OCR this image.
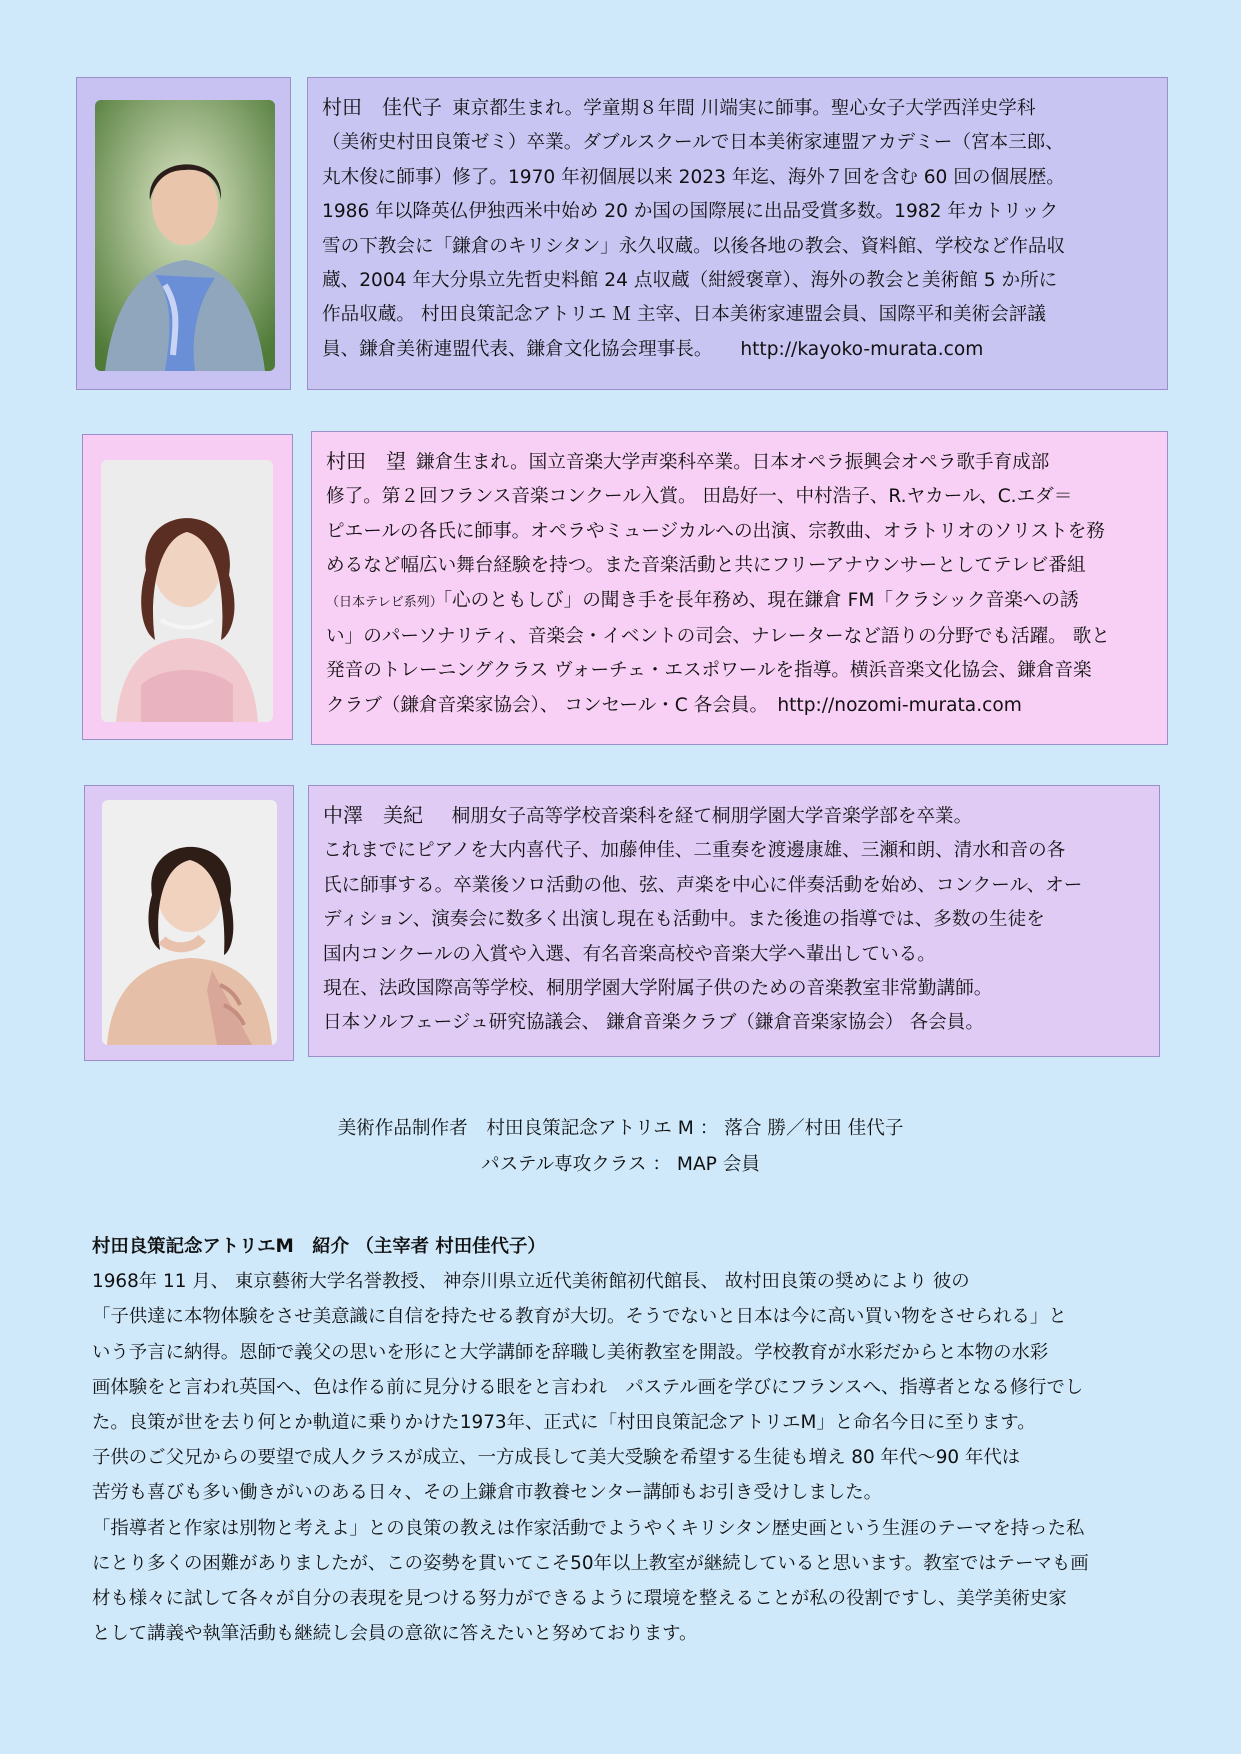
村田　佳代子 東京都生まれ。学童期８年間 川端実に師事。聖心女子大学西洋史学科
（美術史村田良策ゼミ）卒業。ダブルスクールで日本美術家連盟アカデミー（宮本三郎、
丸木俊に師事）修了。1970 年初個展以来 2023 年迄、海外７回を含む 60 回の個展歴。
1986 年以降英仏伊独西米中始め 20 か国の国際展に出品受賞多数。1982 年カトリック
雪の下教会に「鎌倉のキリシタン」永久収蔵。以後各地の教会、資料館、学校など作品収
蔵、2004 年大分県立先哲史料館 24 点収蔵（紺綬褒章）、海外の教会と美術館 5 か所に
作品収蔵。 村田良策記念アトリエ Ｍ 主宰、日本美術家連盟会員、国際平和美術会評議
員、鎌倉美術連盟代表、鎌倉文化協会理事長。　　http://kayoko-murata.com
村田　望 鎌倉生まれ。国立音楽大学声楽科卒業。日本オペラ振興会オペラ歌手育成部
修了。第２回フランス音楽コンクール入賞。 田島好一、中村浩子、R.ヤカール、C.エダ＝
ピエールの各氏に師事。オペラやミュージカルへの出演、宗教曲、オラトリオのソリストを務
めるなど幅広い舞台経験を持つ。また音楽活動と共にフリーアナウンサーとしてテレビ番組
（日本テレビ系列）「心のともしび」の聞き手を長年務め、現在鎌倉 FM「クラシック音楽への誘
い」のパーソナリティ、音楽会・イベントの司会、ナレーターなど語りの分野でも活躍。 歌と
発音のトレーニングクラス ヴォーチェ・エスポワールを指導。横浜音楽文化協会、鎌倉音楽
クラブ（鎌倉音楽家協会）、 コンセール・C 各会員。　http://nozomi-murata.com
中澤　美紀　桐朋女子高等学校音楽科を経て桐朋学園大学音楽学部を卒業。
これまでにピアノを大内喜代子、加藤伸佳、二重奏を渡邊康雄、三瀬和朗、清水和音の各
氏に師事する。卒業後ソロ活動の他、弦、声楽を中心に伴奏活動を始め、コンクール、オー
ディション、演奏会に数多く出演し現在も活動中。また後進の指導では、多数の生徒を
国内コンクールの入賞や入選、有名音楽高校や音楽大学へ輩出している。
現在、法政国際高等学校、桐朋学園大学附属子供のための音楽教室非常勤講師。
日本ソルフェージュ研究協議会、 鎌倉音楽クラブ（鎌倉音楽家協会） 各会員。
美術作品制作者　村田良策記念アトリエ M ： 落合 勝／村田 佳代子
パステル専攻クラス ： MAP 会員
村田良策記念アトリエM　紹介 （主宰者 村田佳代子）
1968年 11 月、 東京藝術大学名誉教授、 神奈川県立近代美術館初代館長、 故村田良策の奨めにより 彼の
「子供達に本物体験をさせ美意識に自信を持たせる教育が大切。そうでないと日本は今に高い買い物をさせられる」と
いう予言に納得。恩師で義父の思いを形にと大学講師を辞職し美術教室を開設。学校教育が水彩だからと本物の水彩
画体験をと言われ英国へ、色は作る前に見分ける眼をと言われ　パステル画を学びにフランスへ、指導者となる修行でし
た。良策が世を去り何とか軌道に乗りかけた1973年、正式に「村田良策記念アトリエM」と命名今日に至ります。
子供のご父兄からの要望で成人クラスが成立、一方成長して美大受験を希望する生徒も増え 80 年代～90 年代は
苦労も喜びも多い働きがいのある日々、その上鎌倉市教養センター講師もお引き受けしました。
「指導者と作家は別物と考えよ」との良策の教えは作家活動でようやくキリシタン歴史画という生涯のテーマを持った私
にとり多くの困難がありましたが、この姿勢を貫いてこそ50年以上教室が継続していると思います。教室ではテーマも画
材も様々に試して各々が自分の表現を見つける努力ができるように環境を整えることが私の役割ですし、美学美術史家
として講義や執筆活動も継続し会員の意欲に答えたいと努めております。
